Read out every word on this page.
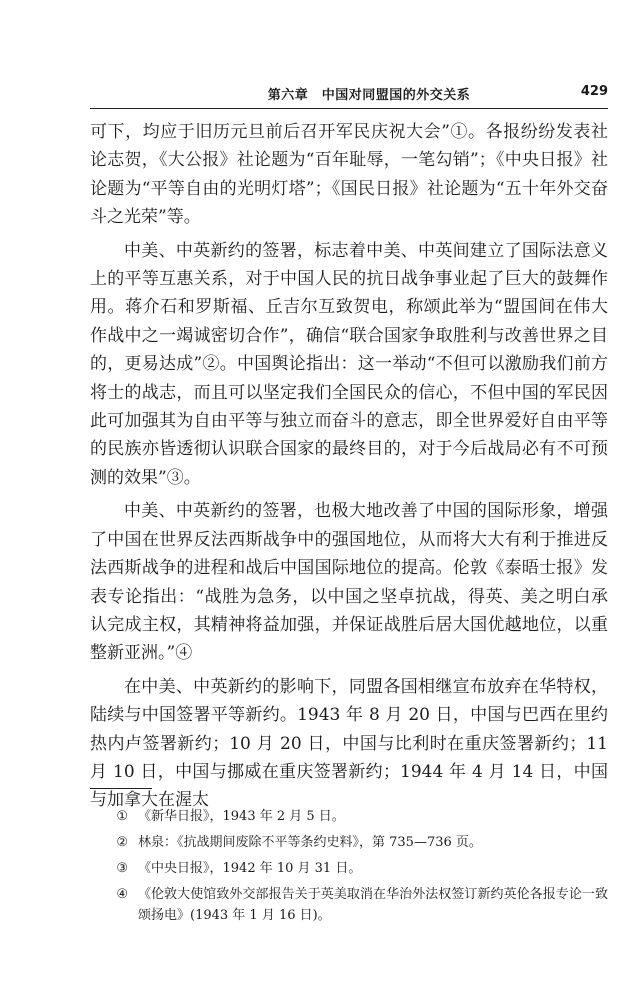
第六章　中国对同盟国的外交关系	429

可下，均应于旧历元旦前后召开军民庆祝大会”①。各报纷纷发表社论志贺，《大公报》社论题为“百年耻辱，一笔勾销”；《中央日报》社论题为“平等自由的光明灯塔”；《国民日报》社论题为“五十年外交奋斗之光荣”等。

中美、中英新约的签署，标志着中美、中英间建立了国际法意义上的平等互惠关系，对于中国人民的抗日战争事业起了巨大的鼓舞作用。蒋介石和罗斯福、丘吉尔互致贺电，称颂此举为“盟国间在伟大作战中之一竭诚密切合作”，确信“联合国家争取胜利与改善世界之目的，更易达成”②。中国舆论指出：这一举动“不但可以激励我们前方将士的战志，而且可以坚定我们全国民众的信心，不但中国的军民因此可加强其为自由平等与独立而奋斗的意志，即全世界爱好自由平等的民族亦皆透彻认识联合国家的最终目的，对于今后战局必有不可预测的效果”③。

中美、中英新约的签署，也极大地改善了中国的国际形象，增强了中国在世界反法西斯战争中的强国地位，从而将大大有利于推进反法西斯战争的进程和战后中国国际地位的提高。伦敦《泰晤士报》发表专论指出：“战胜为急务，以中国之坚卓抗战，得英、美之明白承认完成主权，其精神将益加强，并保证战胜后居大国优越地位，以重整新亚洲。”④

在中美、中英新约的影响下，同盟各国相继宣布放弃在华特权，陆续与中国签署平等新约。1943 年 8 月 20 日，中国与巴西在里约热内卢签署新约；10 月 20 日，中国与比利时在重庆签署新约；11 月 10 日，中国与挪威在重庆签署新约；1944 年 4 月 14 日，中国与加拿大在渥太

① 《新华日报》，1943 年 2 月 5 日。
② 林泉：《抗战期间废除不平等条约史料》，第 735—736 页。
③ 《中央日报》，1942 年 10 月 31 日。
④ 《伦敦大使馆致外交部报告关于英美取消在华治外法权签订新约英伦各报专论一致颂扬电》(1943 年 1 月 16 日)。
